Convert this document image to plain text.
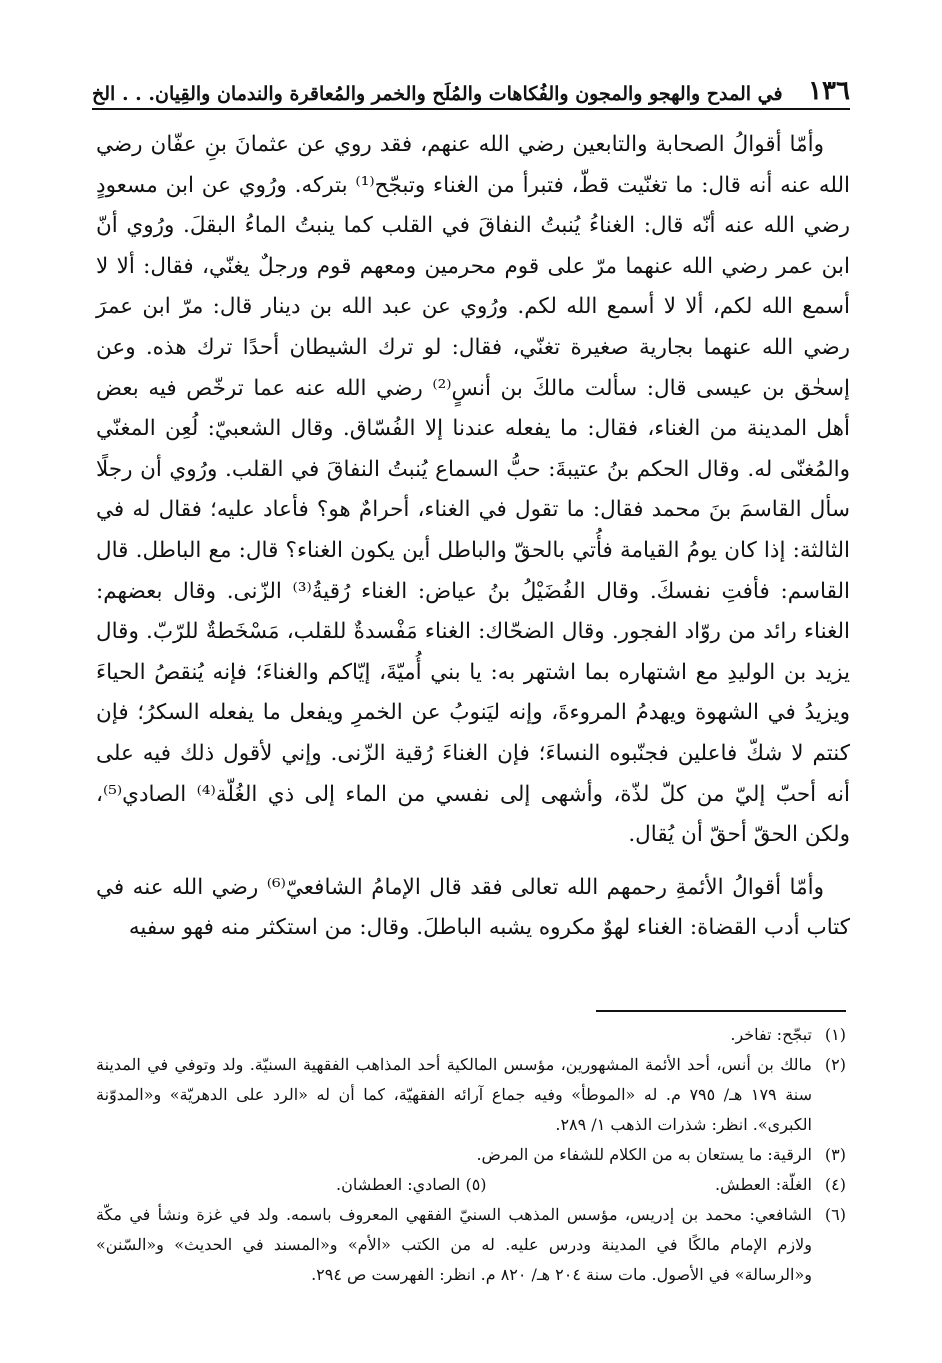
١٣٦
في المدح والهجو والمجون والفُكاهات والمُلَح والخمر والمُعاقرة والندمان والقِيان. . . الخ

وأمّا أقوالُ الصحابة والتابعين رضي الله عنهم، فقد روي عن عثمانَ بنِ عفّان رضي الله عنه أنه قال: ما تغنّيت قطّ، فتبرأ من الغناء وتبجّح⁽¹⁾ بتركه. ورُوي عن ابن مسعودٍ رضي الله عنه أنّه قال: الغناءُ يُنبتُ النفاقَ في القلب كما ينبتُ الماءُ البقلَ. ورُوي أنّ ابن عمر رضي الله عنهما مرّ على قوم محرمين ومعهم قوم ورجلٌ يغنّي، فقال: ألا لا أسمع الله لكم، ألا لا أسمع الله لكم. ورُوي عن عبد الله بن دينار قال: مرّ ابن عمرَ رضي الله عنهما بجارية صغيرة تغنّي، فقال: لو ترك الشيطان أحدًا ترك هذه. وعن إسحٰق بن عيسى قال: سألت مالكَ بن أنسٍ⁽²⁾ رضي الله عنه عما ترخّص فيه بعض أهل المدينة من الغناء، فقال: ما يفعله عندنا إلا الفُسّاق. وقال الشعبيّ: لُعِن المغنّي والمُغنّى له. وقال الحكم بنُ عتيبةَ: حبُّ السماع يُنبتُ النفاقَ في القلب. ورُوي أن رجلًا سأل القاسمَ بنَ محمد فقال: ما تقول في الغناء، أحرامٌ هو؟ فأعاد عليه؛ فقال له في الثالثة: إذا كان يومُ القيامة فأُتي بالحقّ والباطل أين يكون الغناء؟ قال: مع الباطل. قال القاسم: فأفتِ نفسكَ. وقال الفُضَيْلُ بنُ عياض: الغناء رُقيةُ⁽³⁾ الزّنى. وقال بعضهم: الغناء رائد من روّاد الفجور. وقال الضحّاك: الغناء مَفْسدةٌ للقلب، مَسْخَطةٌ للرّبّ. وقال يزيد بن الوليدِ مع اشتهاره بما اشتهر به: يا بني أُميّةَ، إيّاكم والغناءَ؛ فإنه يُنقصُ الحياءَ ويزيدُ في الشهوة ويهدمُ المروءةَ، وإنه ليَنوبُ عن الخمرِ ويفعل ما يفعله السكرُ؛ فإن كنتم لا شكّ فاعلين فجنّبوه النساءَ؛ فإن الغناءَ رُقية الزّنى. وإني لأقول ذلك فيه على أنه أحبّ إليّ من كلّ لذّة، وأشهى إلى نفسي من الماء إلى ذي الغُلّة⁽⁴⁾ الصادي⁽⁵⁾، ولكن الحقّ أحقّ أن يُقال.

وأمّا أقوالُ الأئمةِ رحمهم الله تعالى فقد قال الإمامُ الشافعيّ⁽⁶⁾ رضي الله عنه في كتاب أدب القضاة: الغناء لهوٌ مكروه يشبه الباطلَ. وقال: من استكثر منه فهو سفيه

(١)
تبجّح: تفاخر.
(٢)
مالك بن أنس، أحد الأئمة المشهورين، مؤسس المالكية أحد المذاهب الفقهية السنيّة. ولد وتوفي في المدينة سنة ١٧٩ هـ/ ٧٩٥ م. له «الموطأ» وفيه جماع آرائه الفقهيّة، كما أن له «الرد على الدهريّة» و«المدوّنة الكبرى». انظر: شذرات الذهب ١/ ٢٨٩.
(٣)
الرقية: ما يستعان به من الكلام للشفاء من المرض.
(٤)
الغلّة: العطش.
(٥) الصادي: العطشان.
(٦)
الشافعي: محمد بن إدريس، مؤسس المذهب السنيّ الفقهي المعروف باسمه. ولد في غزة ونشأ في مكّة ولازم الإمام مالكًا في المدينة ودرس عليه. له من الكتب «الأم» و«المسند في الحديث» و«السّنن» و«الرسالة» في الأصول. مات سنة ٢٠٤ هـ/ ٨٢٠ م. انظر: الفهرست ص ٢٩٤.
